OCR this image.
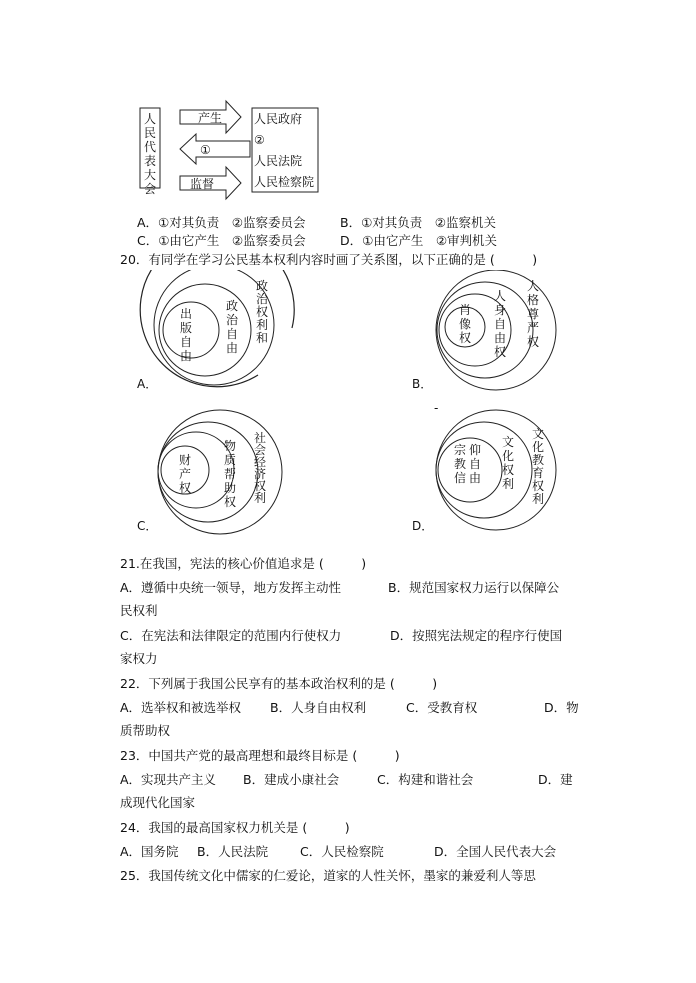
人
民
代
表
大
会
产生
①
监督
人民政府
②
人民法院
人民检察院
A．①对其负责　②监察委员会	B．①对其负责　②监察机关
C．①由它产生　②监察委员会	D．①由它产生　②审判机关
20．有同学在学习公民基本权利内容时画了关系图，以下正确的是 (　　　)
出版自由
政治自由
政治权利和
A．
肖像权
人身自由权
人格尊严权
B．
-
财产权
物质帮助权
社会经济权利
C．
宗教信
仰自由
文化权利
文化教育权利
D．
21.在我国，宪法的核心价值追求是 (　　　)
A．遵循中央统一领导，地方发挥主动性	B．规范国家权力运行以保障公
民权利
C．在宪法和法律限定的范围内行使权力	D．按照宪法规定的程序行使国
家权力
22．下列属于我国公民享有的基本政治权利的是 (　　　)
A．选举权和被选举权 B．人身自由权利	C．受教育权	D．物
质帮助权
23．中国共产党的最高理想和最终目标是 (　　　)
A．实现共产主义 B．建成小康社会	C．构建和谐社会	D．建
成现代化国家
24．我国的最高国家权力机关是 (　　　)
A．国务院 B．人民法院	C．人民检察院	D．全国人民代表大会
25．我国传统文化中儒家的仁爱论，道家的人性关怀，墨家的兼爱利人等思
